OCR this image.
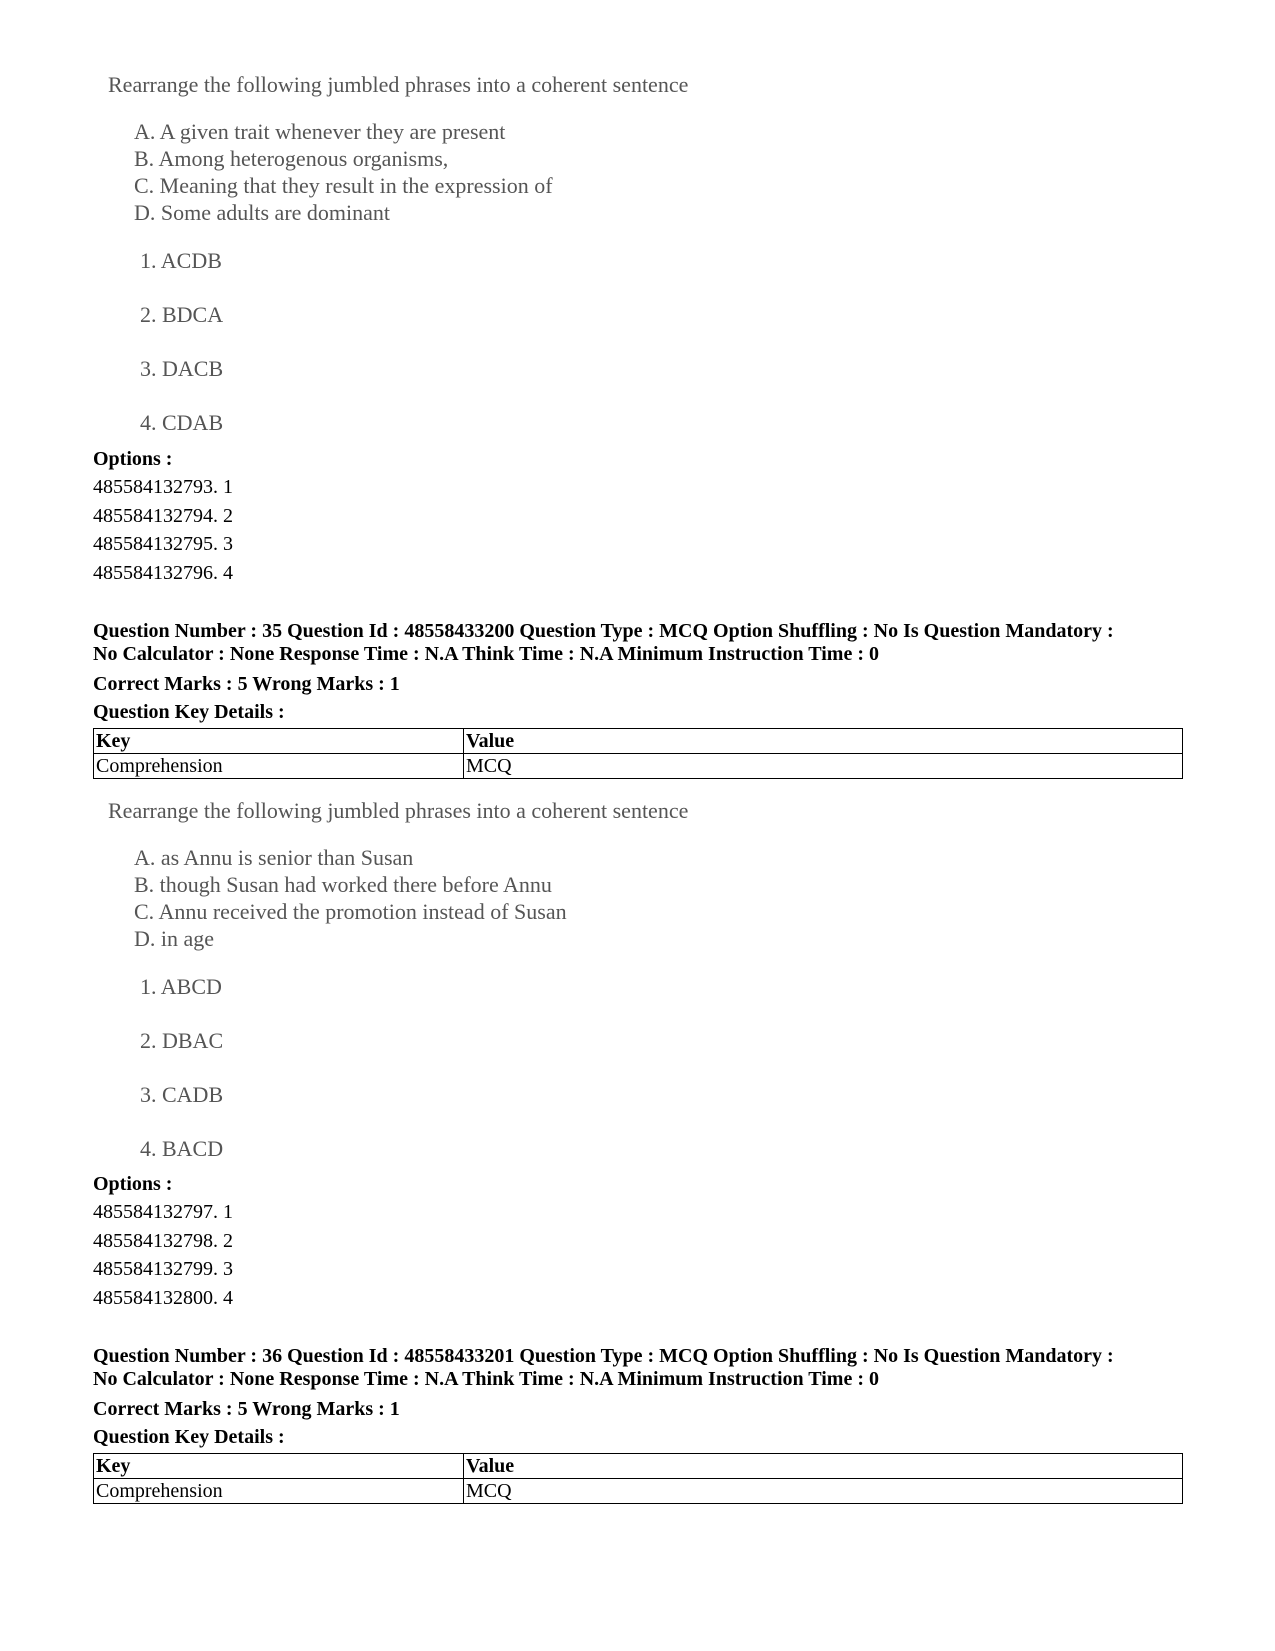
Rearrange the following jumbled phrases into a coherent sentence

A. A given trait whenever they are present
B. Among heterogenous organisms,
C. Meaning that they result in the expression of
D. Some adults are dominant
1. ACDB
2. BDCA
3. DACB
4. CDAB
Options :
485584132793. 1
485584132794. 2
485584132795. 3
485584132796. 4
Question Number : 35 Question Id : 48558433200 Question Type : MCQ Option Shuffling : No Is Question Mandatory :
No Calculator : None Response Time : N.A Think Time : N.A Minimum Instruction Time : 0
Correct Marks : 5 Wrong Marks : 1
Question Key Details :
Key	Value
Comprehension	MCQ

Rearrange the following jumbled phrases into a coherent sentence

A. as Annu is senior than Susan
B. though Susan had worked there before Annu
C. Annu received the promotion instead of Susan
D. in age
1. ABCD
2. DBAC
3. CADB
4. BACD
Options :
485584132797. 1
485584132798. 2
485584132799. 3
485584132800. 4
Question Number : 36 Question Id : 48558433201 Question Type : MCQ Option Shuffling : No Is Question Mandatory :
No Calculator : None Response Time : N.A Think Time : N.A Minimum Instruction Time : 0
Correct Marks : 5 Wrong Marks : 1
Question Key Details :
Key	Value
Comprehension	MCQ
